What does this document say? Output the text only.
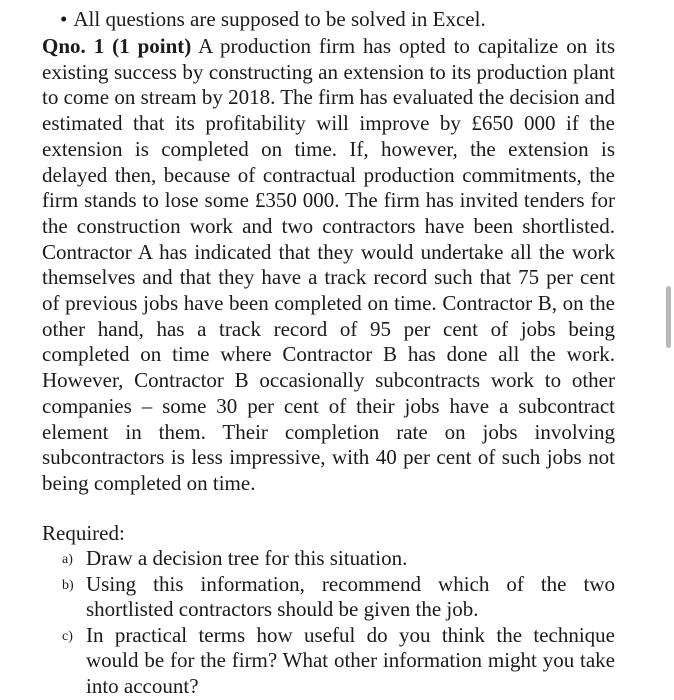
• All questions are supposed to be solved in Excel.
Qno. 1 (1 point) A production firm has opted to capitalize on its existing success by constructing an extension to its production plant to come on stream by 2018. The firm has evaluated the decision and estimated that its profitability will improve by £650 000 if the extension is completed on time. If, however, the extension is delayed then, because of contractual production commitments, the firm stands to lose some £350 000. The firm has invited tenders for the construction work and two contractors have been shortlisted. Contractor A has indicated that they would undertake all the work themselves and that they have a track record such that 75 per cent of previous jobs have been completed on time. Contractor B, on the other hand, has a track record of 95 per cent of jobs being completed on time where Contractor B has done all the work. However, Contractor B occasionally subcontracts work to other companies – some 30 per cent of their jobs have a subcontract element in them. Their completion rate on jobs involving subcontractors is less impressive, with 40 per cent of such jobs not being completed on time.
Required:
a) Draw a decision tree for this situation.
b) Using this information, recommend which of the two shortlisted contractors should be given the job.
c) In practical terms how useful do you think the technique would be for the firm? What other information might you take into account?
